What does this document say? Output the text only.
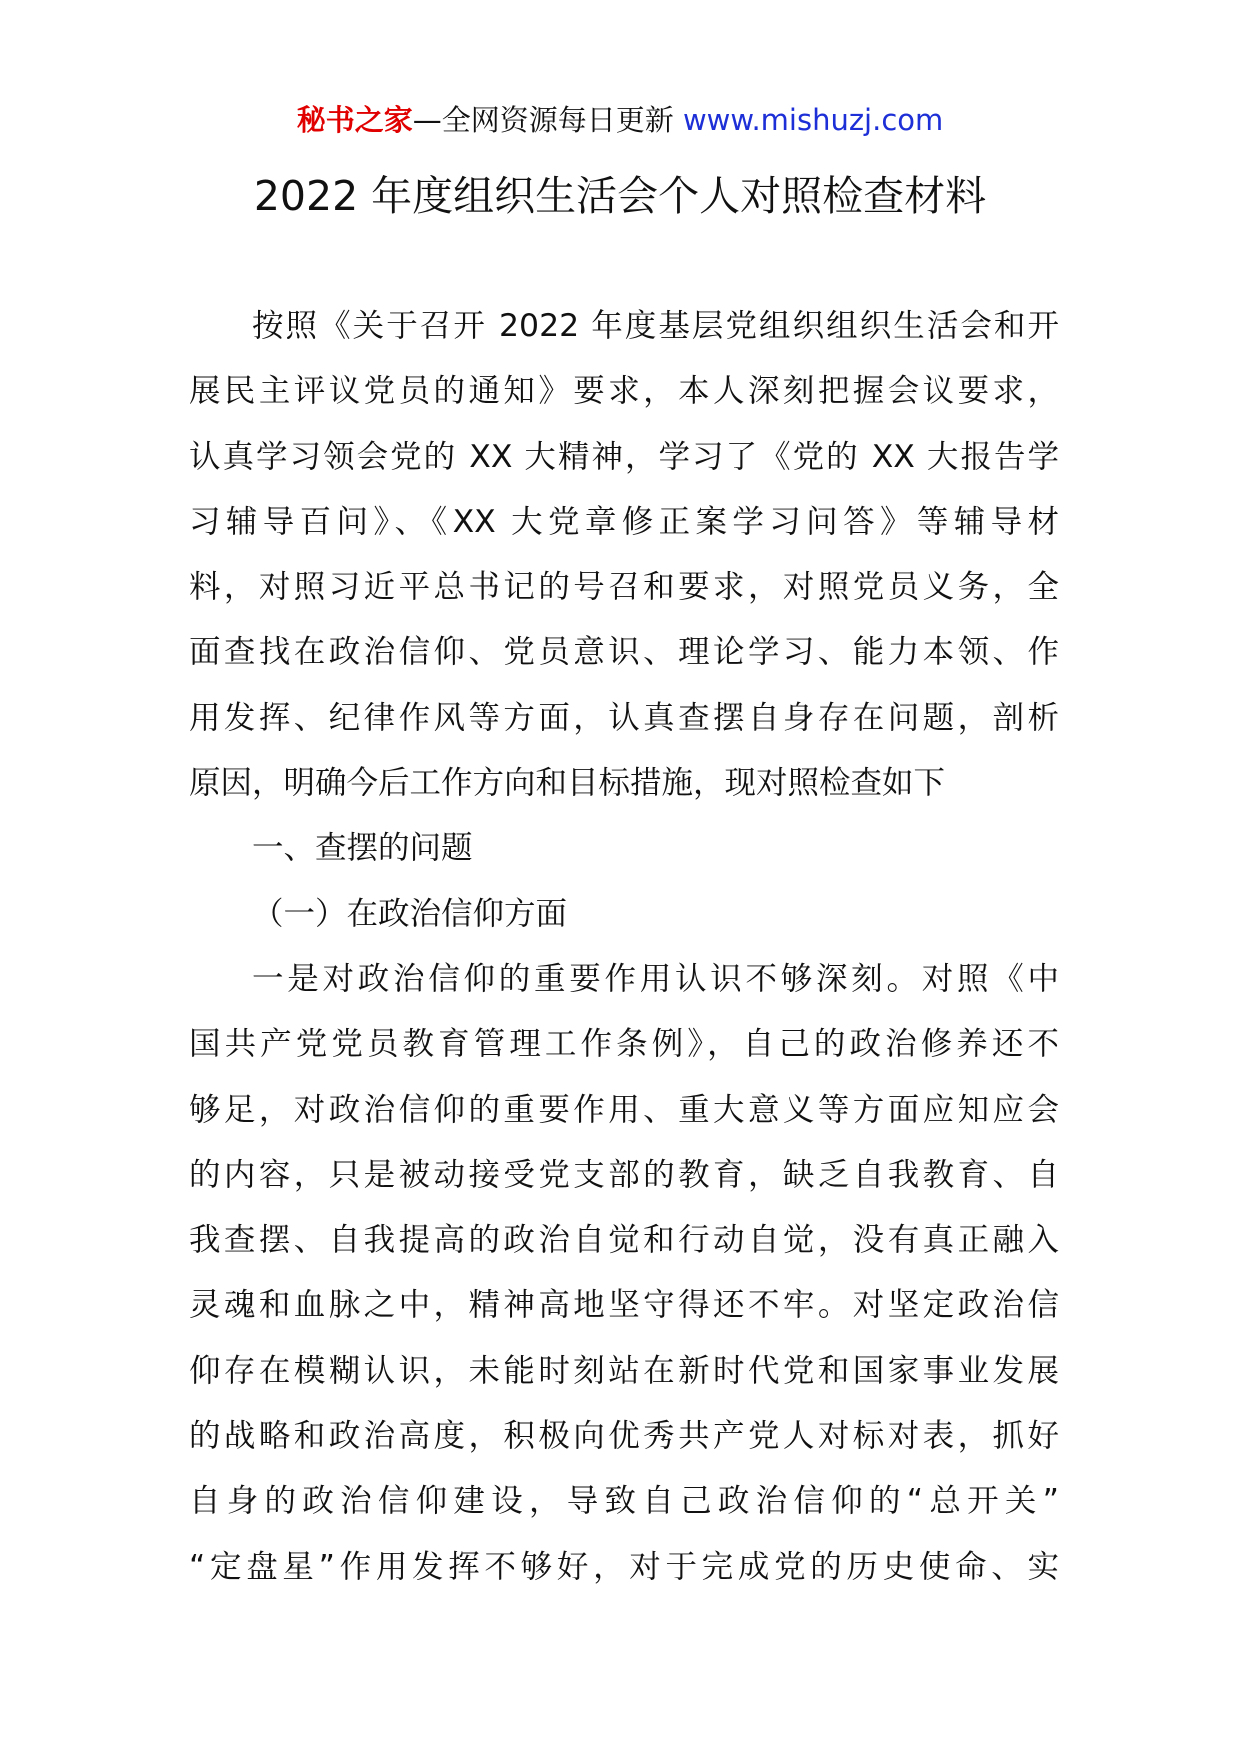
秘书之家—全网资源每日更新 www.mishuzj.com
2022 年度组织生活会个人对照检查材料
按照《关于召开 2022 年度基层党组织组织生活会和开
展民主评议党员的通知》要求，本人深刻把握会议要求，
认真学习领会党的 XX 大精神，学习了《党的 XX 大报告学
习辅导百问》、《XX 大党章修正案学习问答》等辅导材
料，对照习近平总书记的号召和要求，对照党员义务，全
面查找在政治信仰、党员意识、理论学习、能力本领、作
用发挥、纪律作风等方面，认真查摆自身存在问题，剖析
原因，明确今后工作方向和目标措施，现对照检查如下
一、查摆的问题
（一）在政治信仰方面
一是对政治信仰的重要作用认识不够深刻。对照《中
国共产党党员教育管理工作条例》，自己的政治修养还不
够足，对政治信仰的重要作用、重大意义等方面应知应会
的内容，只是被动接受党支部的教育，缺乏自我教育、自
我查摆、自我提高的政治自觉和行动自觉，没有真正融入
灵魂和血脉之中，精神高地坚守得还不牢。对坚定政治信
仰存在模糊认识，未能时刻站在新时代党和国家事业发展
的战略和政治高度，积极向优秀共产党人对标对表，抓好
自身的政治信仰建设，导致自己政治信仰的“总开关”
“定盘星”作用发挥不够好，对于完成党的历史使命、实
